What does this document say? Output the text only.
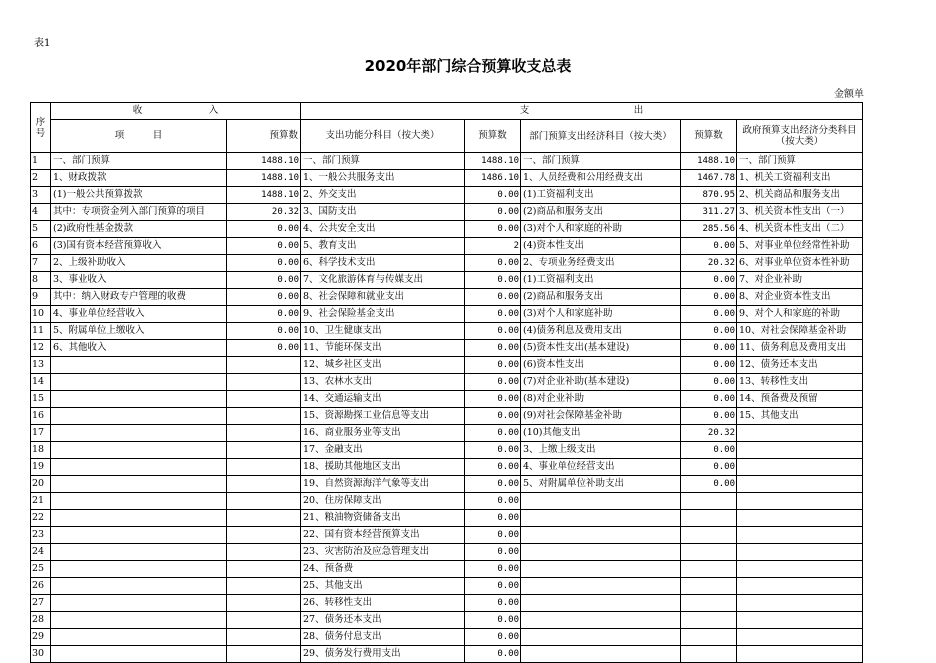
表1
2020年部门综合预算收支总表
金额单
序号	收　　　　　　　入		支　　　　　　　　　　　出				
	项　　　目	预算数	支出功能分科目（按大类）	预算数	部门预算支出经济科目（按大类）	预算数	政府预算支出经济分类科目（按大类）
1	一、部门预算	1488.10	一、部门预算	1488.10	一、部门预算	1488.10	一、部门预算
2	1、财政拨款	1488.10	1、一般公共服务支出	1486.10	1、人员经费和公用经费支出	1467.78	1、机关工资福利支出
3	(1)一般公共预算拨款	1488.10	2、外交支出	0.00	(1)工资福利支出	870.95	2、机关商品和服务支出
4	其中：专项资金列入部门预算的项目	20.32	3、国防支出	0.00	(2)商品和服务支出	311.27	3、机关资本性支出（一）
5	(2)政府性基金拨款	0.00	4、公共安全支出	0.00	(3)对个人和家庭的补助	285.56	4、机关资本性支出（二）
6	(3)国有资本经营预算收入	0.00	5、教育支出	2	(4)资本性支出	0.00	5、对事业单位经常性补助
7	2、上级补助收入	0.00	6、科学技术支出	0.00	2、专项业务经费支出	20.32	6、对事业单位资本性补助
8	3、事业收入	0.00	7、文化旅游体育与传媒支出	0.00	(1)工资福利支出	0.00	7、对企业补助
9	其中：纳入财政专户管理的收费	0.00	8、社会保障和就业支出	0.00	(2)商品和服务支出	0.00	8、对企业资本性支出
10	4、事业单位经营收入	0.00	9、社会保险基金支出	0.00	(3)对个人和家庭补助	0.00	9、对个人和家庭的补助
11	5、附属单位上缴收入	0.00	10、卫生健康支出	0.00	(4)债务利息及费用支出	0.00	10、对社会保障基金补助
12	6、其他收入	0.00	11、节能环保支出	0.00	(5)资本性支出(基本建设)	0.00	11、债务利息及费用支出
13			12、城乡社区支出	0.00	(6)资本性支出	0.00	12、债务还本支出
14			13、农林水支出	0.00	(7)对企业补助(基本建设)	0.00	13、转移性支出
15			14、交通运输支出	0.00	(8)对企业补助	0.00	14、预备费及预留
16			15、资源勘探工业信息等支出	0.00	(9)对社会保障基金补助	0.00	15、其他支出
17			16、商业服务业等支出	0.00	(10)其他支出	20.32	
18			17、金融支出	0.00	3、上缴上级支出	0.00	
19			18、援助其他地区支出	0.00	4、事业单位经营支出	0.00	
20			19、自然资源海洋气象等支出	0.00	5、对附属单位补助支出	0.00	
21			20、住房保障支出	0.00			
22			21、粮油物资储备支出	0.00			
23			22、国有资本经营预算支出	0.00			
24			23、灾害防治及应急管理支出	0.00			
25			24、预备费	0.00			
26			25、其他支出	0.00			
27			26、转移性支出	0.00			
28			27、债务还本支出	0.00			
29			28、债务付息支出	0.00			
30			29、债务发行费用支出	0.00			
